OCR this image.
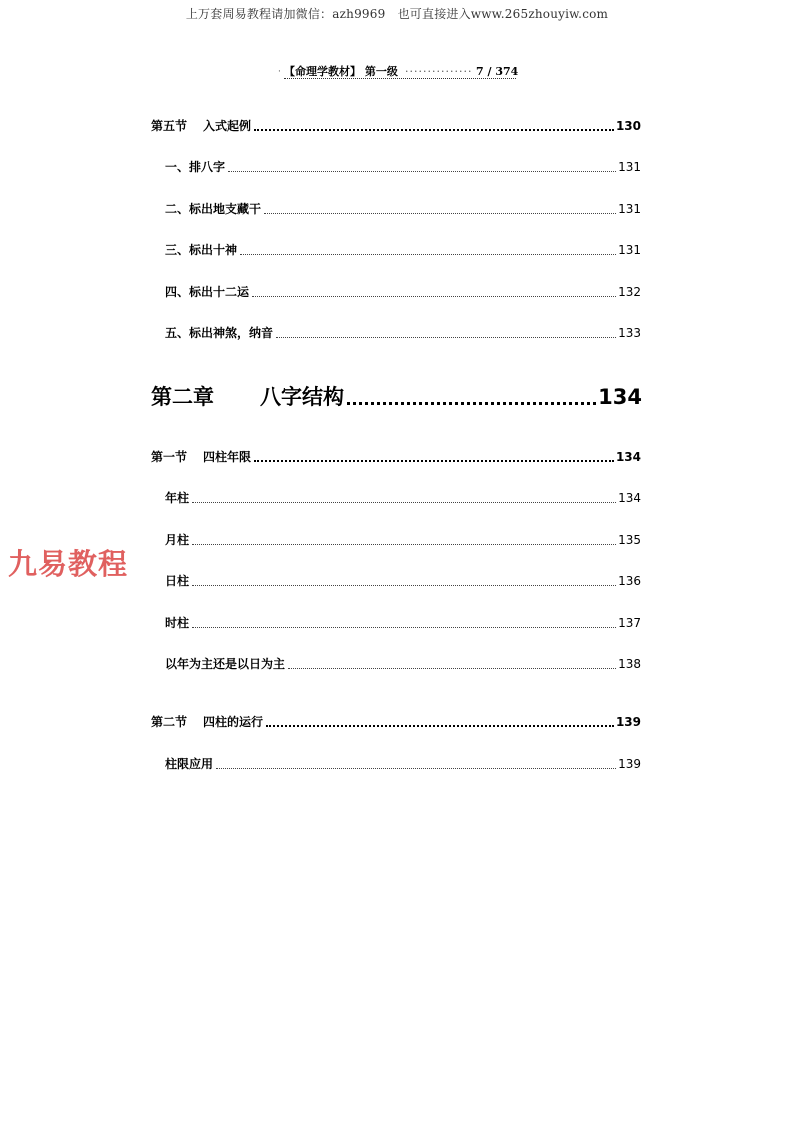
上万套周易教程请加微信：azh9969　也可直接进入www.265zhouyiw.com
· 【命理学教材】 第一级 ··············· 7 / 374
第五节 入式起例	130
一、排八字	131
二、标出地支藏干	131
三、标出十神	131
四、标出十二运	132
五、标出神煞，纳音	133
第二章 八字结构	134
第一节 四柱年限	134
年柱	134
月柱	135
日柱	136
时柱	137
以年为主还是以日为主	138
第二节 四柱的运行	139
柱限应用	139
九易教程
